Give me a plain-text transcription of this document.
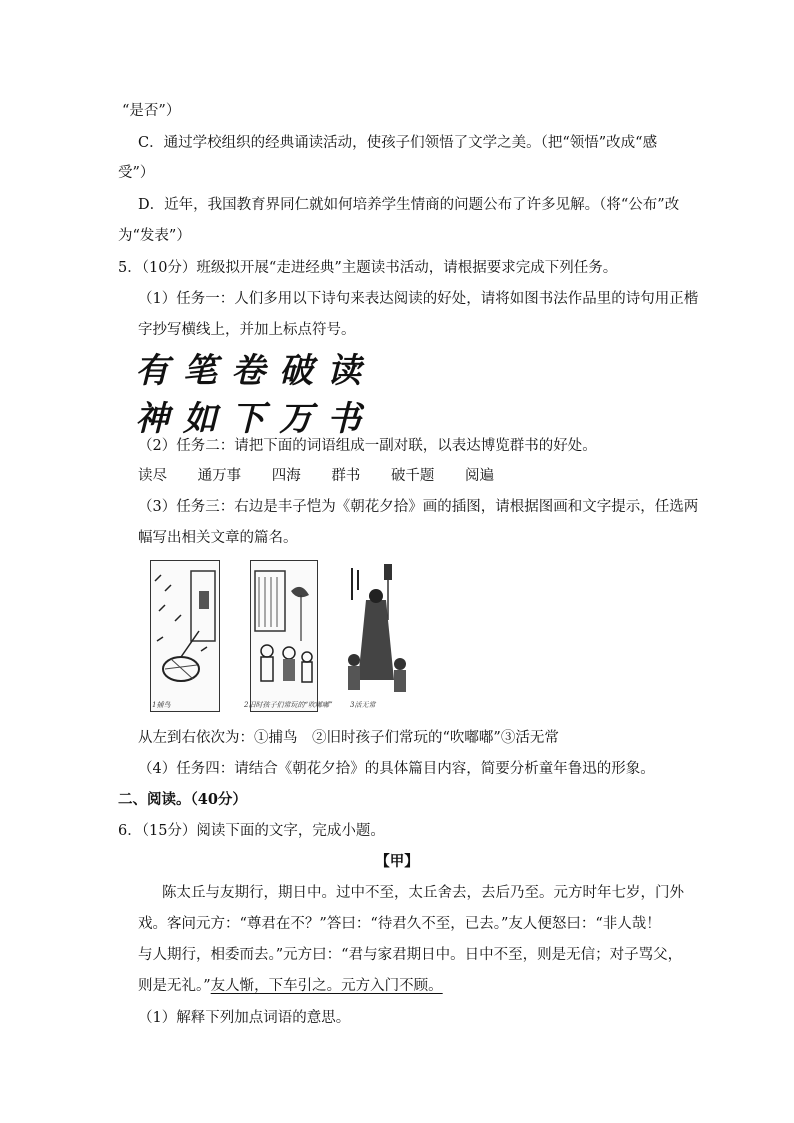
“是否”）
C．通过学校组织的经典诵读活动，使孩子们领悟了文学之美。（把“领悟”改成“感
受”）
D．近年，我国教育界同仁就如何培养学生情商的问题公布了许多见解。（将“公布”改
为“发表”）
5．（10分）班级拟开展“走进经典”主题读书活动，请根据要求完成下列任务。
（1）任务一：人们多用以下诗句来表达阅读的好处，请将如图书法作品里的诗句用正楷
字抄写横线上，并加上标点符号。
有笔卷破读
神如下万书
（2）任务二：请把下面的词语组成一副对联，以表达博览群书的好处。
读尽 通万事 四海 群书 破千题 阅遍
（3）任务三：右边是丰子恺为《朝花夕拾》画的插图，请根据图画和文字提示，任选两
幅写出相关文章的篇名。
1捕鸟	2旧时孩子们常玩的“吹嘟嘟” 3活无常
从左到右依次为：①捕鸟　②旧时孩子们常玩的“吹嘟嘟”③活无常
（4）任务四：请结合《朝花夕拾》的具体篇目内容，简要分析童年鲁迅的形象。
二、阅读。（40分）
6．（15分）阅读下面的文字，完成小题。
【甲】
陈太丘与友期行，期日中。过中不至，太丘舍去，去后乃至。元方时年七岁，门外
戏。客问元方：“尊君在不？”答曰：“待君久不至，已去。”友人便怒曰：“非人哉！
与人期行，相委而去。”元方曰：“君与家君期日中。日中不至，则是无信；对子骂父，
则是无礼。”友人惭，下车引之。元方入门不顾。
（1）解释下列加点词语的意思。
